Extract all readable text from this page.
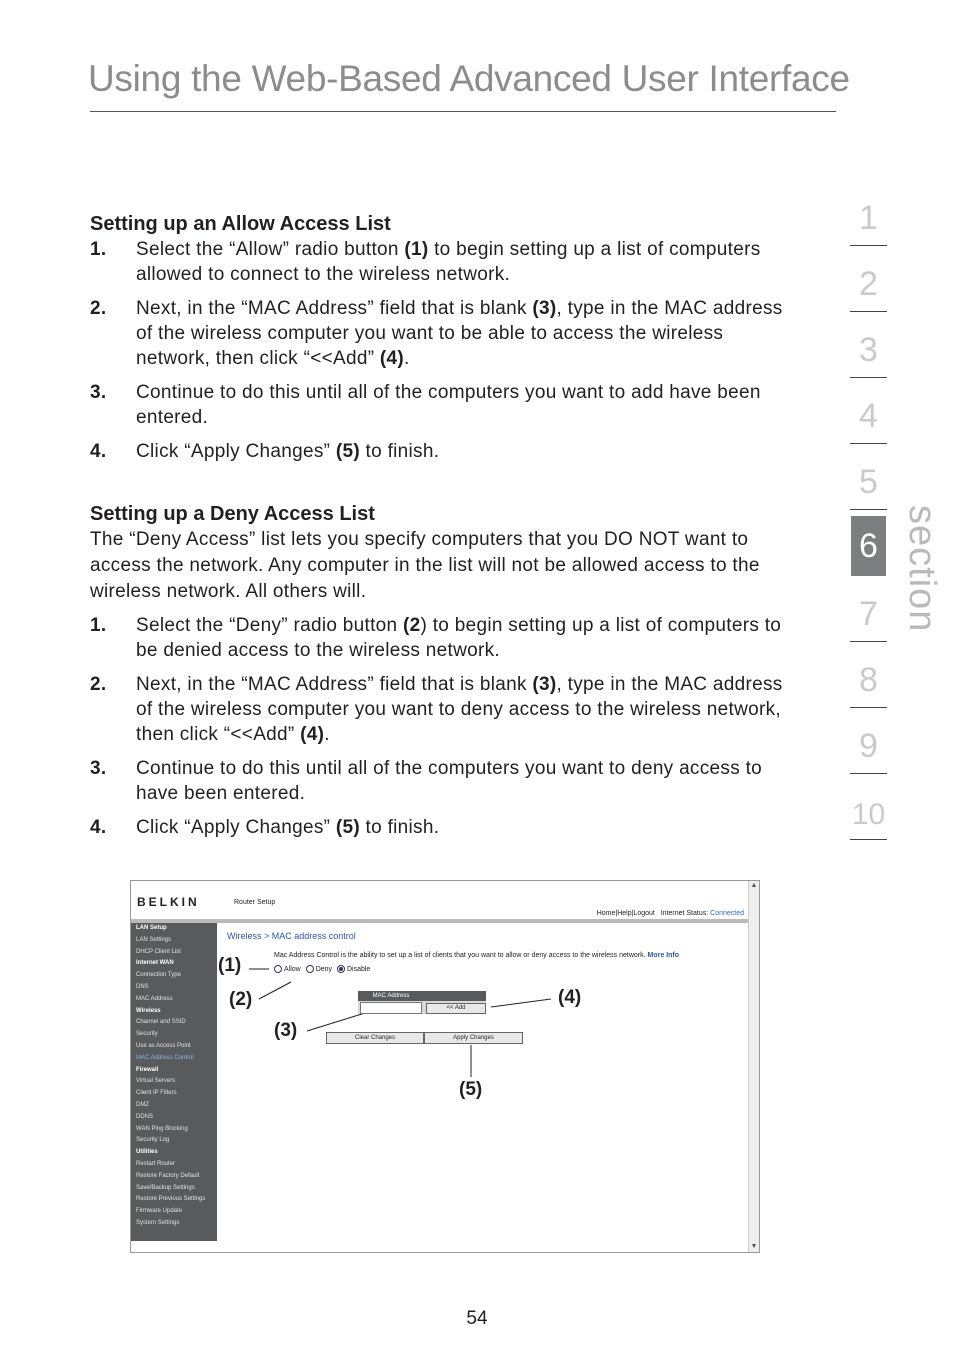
Using the Web-Based Advanced User Interface
Setting up an Allow Access List
1. Select the “Allow” radio button (1) to begin setting up a list of computers allowed to connect to the wireless network.
2. Next, in the “MAC Address” field that is blank (3), type in the MAC address of the wireless computer you want to be able to access the wireless network, then click “<<Add” (4).
3. Continue to do this until all of the computers you want to add have been entered.
4. Click “Apply Changes” (5) to finish.
Setting up a Deny Access List

The “Deny Access” list lets you specify computers that you DO NOT want to access the network. Any computer in the list will not be allowed access to the wireless network. All others will.

1. Select the “Deny” radio button (2) to begin setting up a list of computers to be denied access to the wireless network.
2. Next, in the “MAC Address” field that is blank (3), type in the MAC address of the wireless computer you want to deny access to the wireless network, then click “<<Add” (4).
3. Continue to do this until all of the computers you want to deny access to have been entered.
4. Click “Apply Changes” (5) to finish.
1
2
3
4
5
6
7
8
9
10
section
BELKIN	Router Setup
Home|Help|Logout Internet Status: Connected
LAN Setup
LAN Settings
DHCP Client List
Internet WAN
Connection Type
DNS
MAC Address
Wireless
Channel and SSID
Security
Use as Access Point
MAC Address Control
Firewall
Virtual Servers
Client IP Filters
DMZ
DDNS
WAN Ping Blocking
Security Log
Utilities
Restart Router
Restore Factory Default
Save/Backup Settings
Restore Previous Settings
Firmware Update
System Settings
Wireless > MAC address control
Mac Address Control is the ability to set up a list of clients that you want to allow or deny access to the wireless network. More Info
Allow Deny Disable
MAC Address
<< Add
Clear Changes	Apply Changes
(1)
(2)
(3)
(4)
(5)
▲
▼
54
